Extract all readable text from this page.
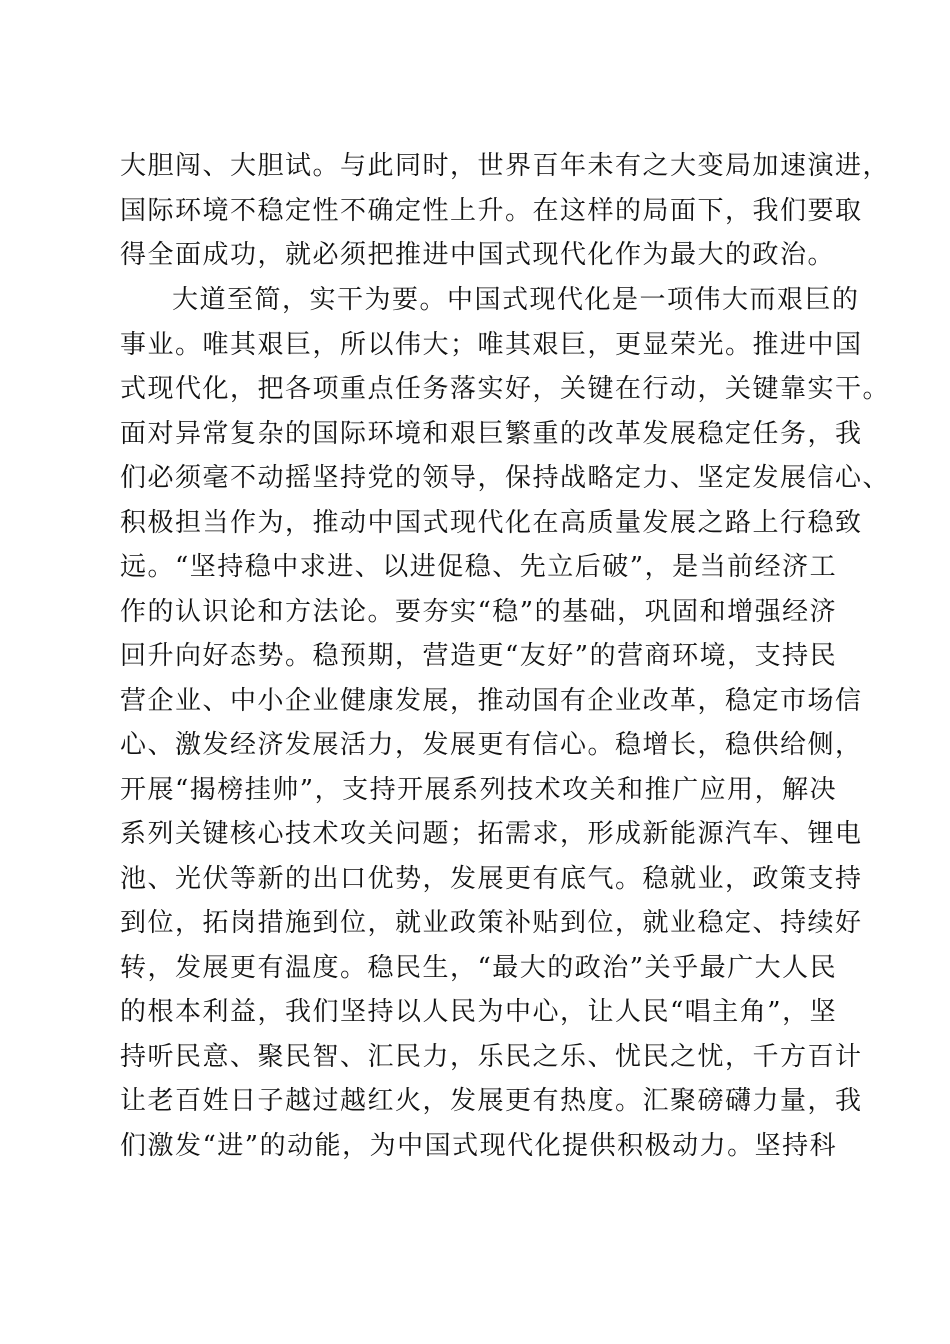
大胆闯、大胆试。与此同时，世界百年未有之大变局加速演进，
国际环境不稳定性不确定性上升。在这样的局面下，我们要取
得全面成功，就必须把推进中国式现代化作为最大的政治。
大道至简，实干为要。中国式现代化是一项伟大而艰巨的
事业。唯其艰巨，所以伟大；唯其艰巨，更显荣光。推进中国
式现代化，把各项重点任务落实好，关键在行动，关键靠实干。
面对异常复杂的国际环境和艰巨繁重的改革发展稳定任务，我
们必须毫不动摇坚持党的领导，保持战略定力、坚定发展信心、
积极担当作为，推动中国式现代化在高质量发展之路上行稳致
远。“坚持稳中求进、以进促稳、先立后破”，是当前经济工
作的认识论和方法论。要夯实“稳”的基础，巩固和增强经济
回升向好态势。稳预期，营造更“友好”的营商环境，支持民
营企业、中小企业健康发展，推动国有企业改革，稳定市场信
心、激发经济发展活力，发展更有信心。稳增长，稳供给侧，
开展“揭榜挂帅”，支持开展系列技术攻关和推广应用，解决
系列关键核心技术攻关问题；拓需求，形成新能源汽车、锂电
池、光伏等新的出口优势，发展更有底气。稳就业，政策支持
到位，拓岗措施到位，就业政策补贴到位，就业稳定、持续好
转，发展更有温度。稳民生，“最大的政治”关乎最广大人民
的根本利益，我们坚持以人民为中心，让人民“唱主角”，坚
持听民意、聚民智、汇民力，乐民之乐、忧民之忧，千方百计
让老百姓日子越过越红火，发展更有热度。汇聚磅礴力量，我
们激发“进”的动能，为中国式现代化提供积极动力。坚持科
